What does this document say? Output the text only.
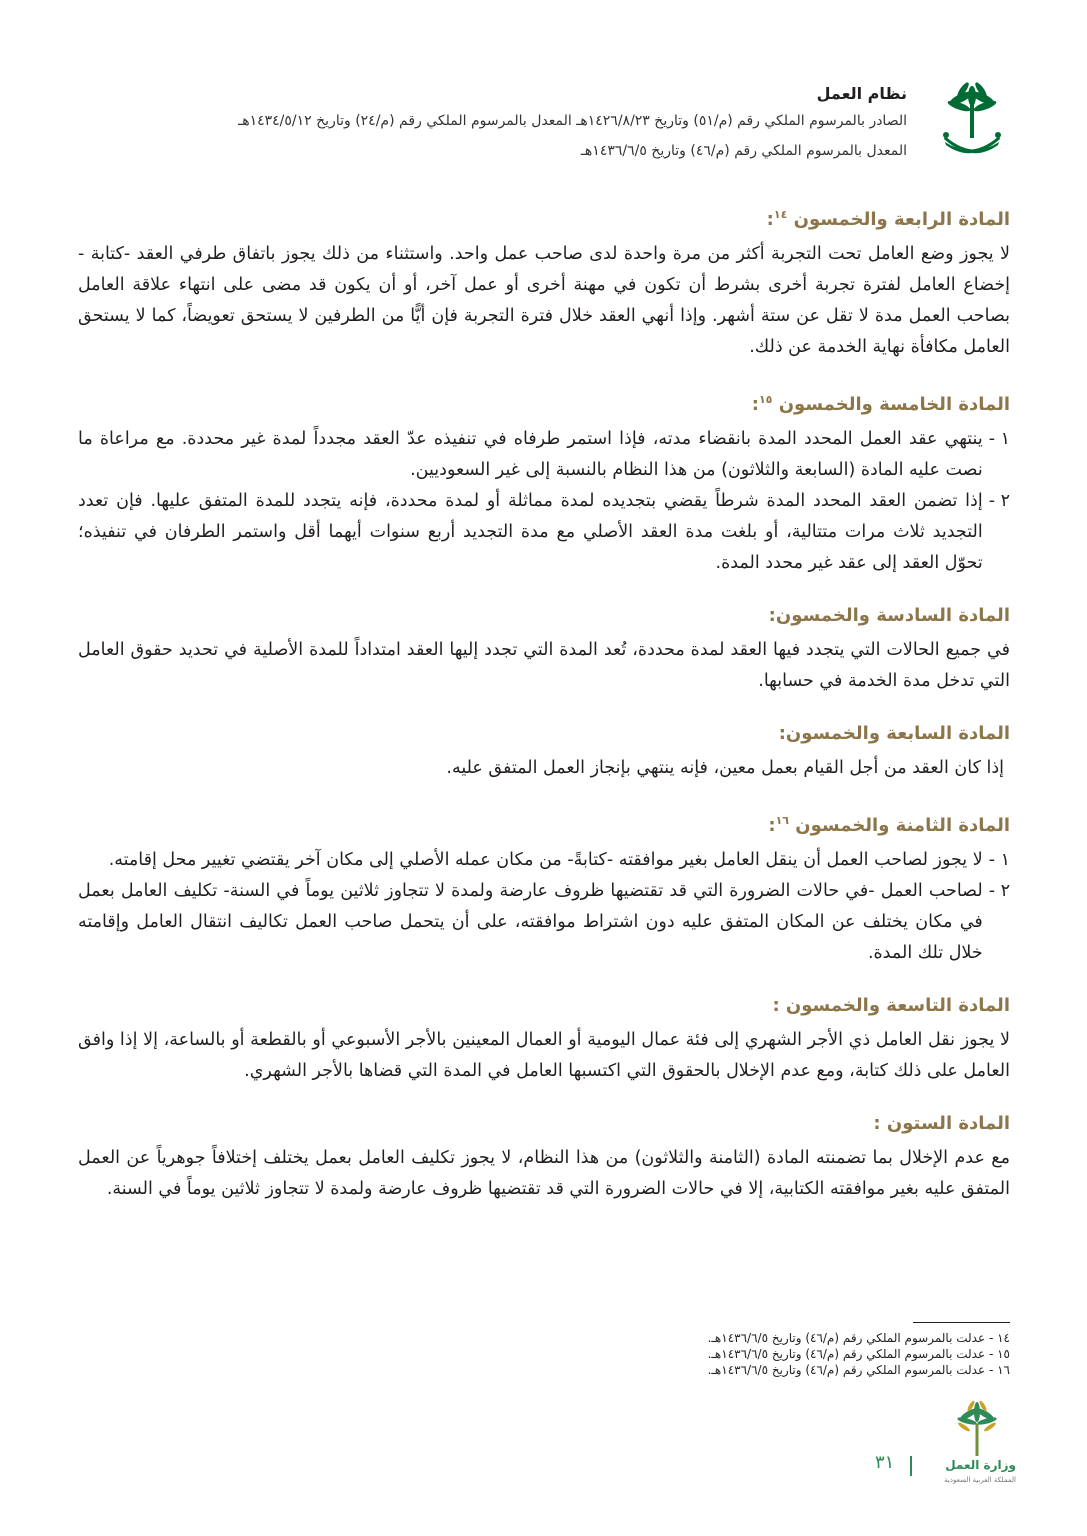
نظام العمل

الصادر بالمرسوم الملكي رقم (م/٥١) وتاريخ ١٤٢٦/٨/٢٣هـ المعدل بالمرسوم الملكي رقم (م/٢٤) وتاريخ ١٤٣٤/٥/١٢هـ

المعدل بالمرسوم الملكي رقم (م/٤٦) وتاريخ ١٤٣٦/٦/٥هـ

المادة الرابعة والخمسون $^{١٤}$:

لا يجوز وضع العامل تحت التجربة أكثر من مرة واحدة لدى صاحب عمل واحد. واستثناء من ذلك يجوز باتفاق طرفي العقد -كتابة - إخضاع العامل لفترة تجربة أخرى بشرط أن تكون في مهنة أخرى أو عمل آخر، أو أن يكون قد مضى على انتهاء علاقة العامل بصاحب العمل مدة لا تقل عن ستة أشهر. وإذا أنهي العقد خلال فترة التجربة فإن أيًّا من الطرفين لا يستحق تعويضاً، كما لا يستحق العامل مكافأة نهاية الخدمة عن ذلك.

المادة الخامسة والخمسون $^{١٥}$:

١ -
ينتهي عقد العمل المحدد المدة بانقضاء مدته، فإذا استمر طرفاه في تنفيذه عدّ العقد مجدداً لمدة غير محددة. مع مراعاة ما نصت عليه المادة (السابعة والثلاثون) من هذا النظام بالنسبة إلى غير السعوديين.
٢ -
إذا تضمن العقد المحدد المدة شرطاً يقضي بتجديده لمدة مماثلة أو لمدة محددة، فإنه يتجدد للمدة المتفق عليها. فإن تعدد التجديد ثلاث مرات متتالية، أو بلغت مدة العقد الأصلي مع مدة التجديد أربع سنوات أيهما أقل واستمر الطرفان في تنفيذه؛ تحوّل العقد إلى عقد غير محدد المدة.

المادة السادسة والخمسون:

في جميع الحالات التي يتجدد فيها العقد لمدة محددة، تُعد المدة التي تجدد إليها العقد امتداداً للمدة الأصلية في تحديد حقوق العامل التي تدخل مدة الخدمة في حسابها.

المادة السابعة والخمسون:

إذا كان العقد من أجل القيام بعمل معين، فإنه ينتهي بإنجاز العمل المتفق عليه.

المادة الثامنة والخمسون $^{١٦}$:

١ -
لا يجوز لصاحب العمل أن ينقل العامل بغير موافقته -كتابةً- من مكان عمله الأصلي إلى مكان آخر يقتضي تغيير محل إقامته.
٢ -
لصاحب العمل -في حالات الضرورة التي قد تقتضيها ظروف عارضة ولمدة لا تتجاوز ثلاثين يوماً في السنة- تكليف العامل بعمل في مكان يختلف عن المكان المتفق عليه دون اشتراط موافقته، على أن يتحمل صاحب العمل تكاليف انتقال العامل وإقامته خلال تلك المدة.

المادة التاسعة والخمسون :

لا يجوز نقل العامل ذي الأجر الشهري إلى فئة عمال اليومية أو العمال المعينين بالأجر الأسبوعي أو بالقطعة أو بالساعة، إلا إذا وافق العامل على ذلك كتابة، ومع عدم الإخلال بالحقوق التي اكتسبها العامل في المدة التي قضاها بالأجر الشهري.

المادة الستون :

مع عدم الإخلال بما تضمنته المادة (الثامنة والثلاثون) من هذا النظام، لا يجوز تكليف العامل بعمل يختلف إختلافاً جوهرياً عن العمل المتفق عليه بغير موافقته الكتابية، إلا في حالات الضرورة التي قد تقتضيها ظروف عارضة ولمدة لا تتجاوز ثلاثين يوماً في السنة.

١٤ - عدلت بالمرسوم الملكي رقم (م/٤٦) وتاريخ ١٤٣٦/٦/٥هـ.

١٥ - عدلت بالمرسوم الملكي رقم (م/٤٦) وتاريخ ١٤٣٦/٦/٥هـ.

١٦ - عدلت بالمرسوم الملكي رقم (م/٤٦) وتاريخ ١٤٣٦/٦/٥هـ.

وزارة العمل
المملكة العربية السعودية
٣١
